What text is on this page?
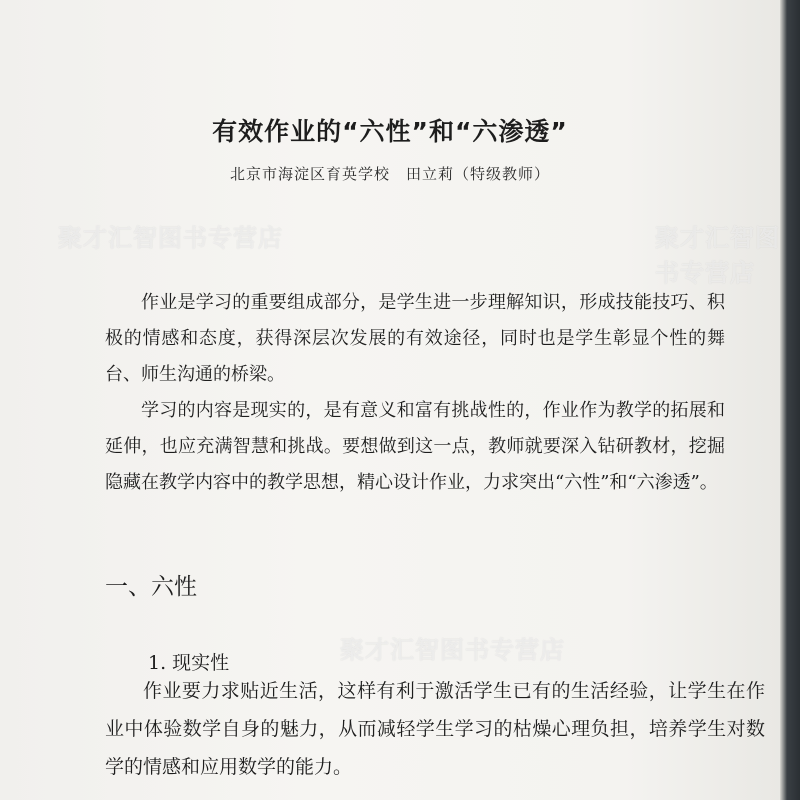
有效作业的“六性”和“六渗透”
北京市海淀区育英学校　田立莉（特级教师）

作业是学习的重要组成部分，是学生进一步理解知识，形成技能技巧、积极的情感和态度，获得深层次发展的有效途径，同时也是学生彰显个性的舞台、师生沟通的桥梁。

学习的内容是现实的，是有意义和富有挑战性的，作业作为教学的拓展和延伸，也应充满智慧和挑战。要想做到这一点，教师就要深入钻研教材，挖掘隐藏在教学内容中的教学思想，精心设计作业，力求突出“六性”和“六渗透”。

一、六性
1. 现实性

作业要力求贴近生活，这样有利于激活学生已有的生活经验，让学生在作业中体验数学自身的魅力，从而减轻学生学习的枯燥心理负担，培养学生对数学的情感和应用数学的能力。

聚才汇智图书专营店	聚才汇智图书专营店
聚才汇智图书专营店
